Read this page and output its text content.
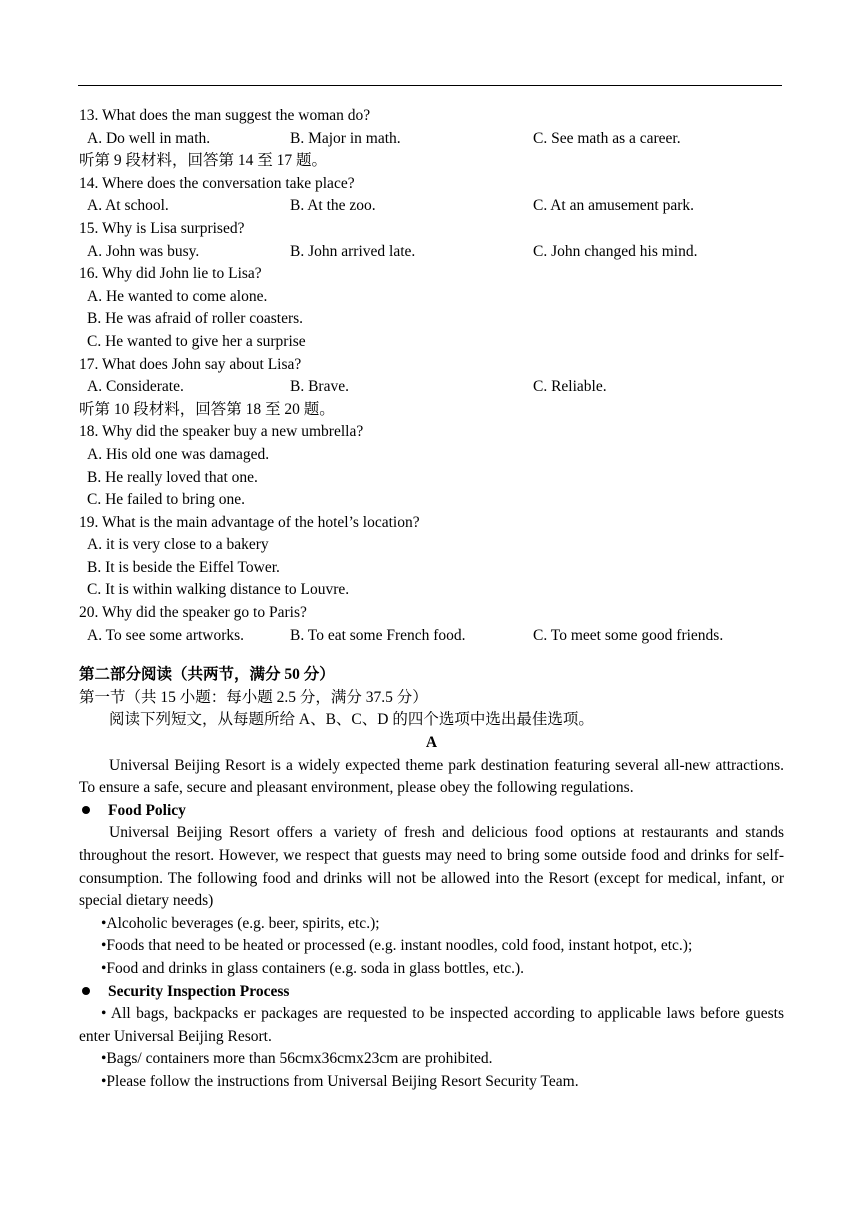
13. What does the man suggest the woman do?
A. Do well in math.	B. Major in math.	C. See math as a career.
听第 9 段材料，回答第 14 至 17 题。
14. Where does the conversation take place?
A. At school.	B. At the zoo.	C. At an amusement park.
15. Why is Lisa surprised?
A. John was busy.	B. John arrived late.	C. John changed his mind.
16. Why did John lie to Lisa?
A. He wanted to come alone.
B. He was afraid of roller coasters.
C. He wanted to give her a surprise
17. What does John say about Lisa?
A. Considerate.	B. Brave.	C. Reliable.
听第 10 段材料，回答第 18 至 20 题。
18. Why did the speaker buy a new umbrella?
A. His old one was damaged.
B. He really loved that one.
C. He failed to bring one.
19. What is the main advantage of the hotel’s location?
A. it is very close to a bakery
B. It is beside the Eiffel Tower.
C. It is within walking distance to Louvre.
20. Why did the speaker go to Paris?
A. To see some artworks.	B. To eat some French food.	C. To meet some good friends.
第二部分阅读（共两节，满分 50 分）
第一节（共 15 小题：每小题 2.5 分，满分 37.5 分）
阅读下列短文，从每题所给 A、B、C、D 的四个选项中选出最佳选项。
A
Universal Beijing Resort is a widely expected theme park destination featuring several all-new attractions. To ensure a safe, secure and pleasant environment, please obey the following regulations.
Food Policy
Universal Beijing Resort offers a variety of fresh and delicious food options at restaurants and stands throughout the resort. However, we respect that guests may need to bring some outside food and drinks for self-consumption. The following food and drinks will not be allowed into the Resort (except for medical, infant, or special dietary needs)
•Alcoholic beverages (e.g. beer, spirits, etc.);
•Foods that need to be heated or processed (e.g. instant noodles, cold food, instant hotpot, etc.);
•Food and drinks in glass containers (e.g. soda in glass bottles, etc.).
Security Inspection Process
• All bags, backpacks er packages are requested to be inspected according to applicable laws before guests enter Universal Beijing Resort.
•Bags/ containers more than 56cmx36cmx23cm are prohibited.
•Please follow the instructions from Universal Beijing Resort Security Team.
